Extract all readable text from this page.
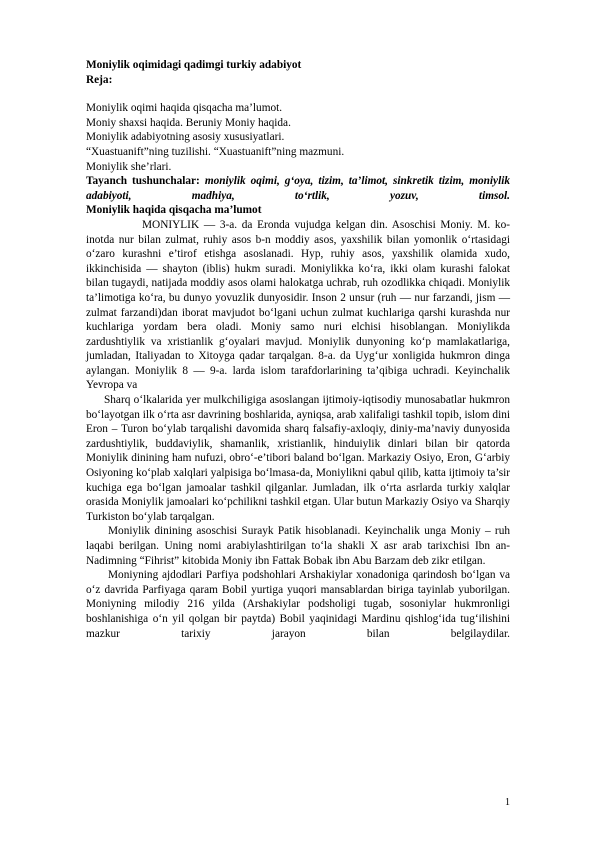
Moniylik oqimidagi qadimgi turkiy adabiyot
Reja:
Moniylik oqimi haqida qisqacha ma’lumot.
Moniy shaxsi haqida. Beruniy Moniy haqida.
Moniylik adabiyotning asosiy xususiyatlari.
“Xuastuanift”ning tuzilishi. “Xuastuanift”ning mazmuni.
Moniylik she’rlari.
Tayanch tushunchalar: moniylik oqimi, g‘oya, tizim, ta’limot, sinkretik tizim, moniylik adabiyoti, madhiya, to‘rtlik, yozuv, timsol.
Moniylik haqida qisqacha ma’lumot
MONIYLIK — 3-a. da Eronda vujudga kelgan din. Asoschisi Moniy. M. ko-inotda nur bilan zulmat, ruhiy asos b-n moddiy asos, yaxshilik bilan yomonlik o‘rtasidagi o‘zaro kurashni e’tirof etishga asoslanadi. Hyp, ruhiy asos, yaxshilik olamida xudo, ikkinchisida — shayton (iblis) hukm suradi. Moniylikka ko‘ra, ikki olam kurashi falokat bilan tugaydi, natijada moddiy asos olami halokatga uchrab, ruh ozodlikka chiqadi. Moniylik ta’limotiga ko‘ra, bu dunyo yovuzlik dunyosidir. Inson 2 unsur (ruh — nur farzandi, jism — zulmat farzandi)dan iborat mavjudot bo‘lgani uchun zulmat kuchlariga qarshi kurashda nur kuchlariga yordam bera oladi. Moniy samo nuri elchisi hisoblangan. Moniylikda zardushtiylik va xristianlik g‘oyalari mavjud. Moniylik dunyoning ko‘p mamlakatlariga, jumladan, Italiyadan to Xitoyga qadar tarqalgan. 8-a. da Uyg‘ur xonligida hukmron dinga aylangan. Moniylik 8 — 9-a. larda islom tarafdorlarining ta’qibiga uchradi. Keyinchalik Yevropa va
Sharq o‘lkalarida yer mulkchiligiga asoslangan ijtimoiy-iqtisodiy munosabatlar hukmron bo‘layotgan ilk o‘rta asr davrining boshlarida, ayniqsa, arab xalifaligi tashkil topib, islom dini Eron – Turon bo‘ylab tarqalishi davomida sharq falsafiy-axloqiy, diniy-ma’naviy dunyosida zardushtiylik, buddaviylik, shamanlik, xristianlik, hinduiylik dinlari bilan bir qatorda Moniylik dinining ham nufuzi, obro‘-e’tibori baland bo‘lgan. Markaziy Osiyo, Eron, G‘arbiy Osiyoning ko‘plab xalqlari yalpisiga bo‘lmasa-da, Moniylikni qabul qilib, katta ijtimoiy ta’sir kuchiga ega bo‘lgan jamoalar tashkil qilganlar. Jumladan, ilk o‘rta asrlarda turkiy xalqlar orasida Moniylik jamoalari ko‘pchilikni tashkil etgan. Ular butun Markaziy Osiyo va Sharqiy Turkiston bo‘ylab tarqalgan.
Moniylik dinining asoschisi Surayk Patik hisoblanadi. Keyinchalik unga Moniy – ruh laqabi berilgan. Uning nomi arabiylashtirilgan to‘la shakli X asr arab tarixchisi Ibn an-Nadimning “Fihrist” kitobida Moniy ibn Fattak Bobak ibn Abu Barzam deb zikr etilgan.
Moniyning ajdodlari Parfiya podshohlari Arshakiylar xonadoniga qarindosh bo‘lgan va o‘z davrida Parfiyaga qaram Bobil yurtiga yuqori mansablardan biriga tayinlab yuborilgan. Moniyning milodiy 216 yilda (Arshakiylar podsholigi tugab, sosoniylar hukmronligi boshlanishiga o‘n yil qolgan bir paytda) Bobil yaqinidagi Mardinu qishlog‘ida tug‘ilishini mazkur tarixiy jarayon bilan belgilaydilar.
1
